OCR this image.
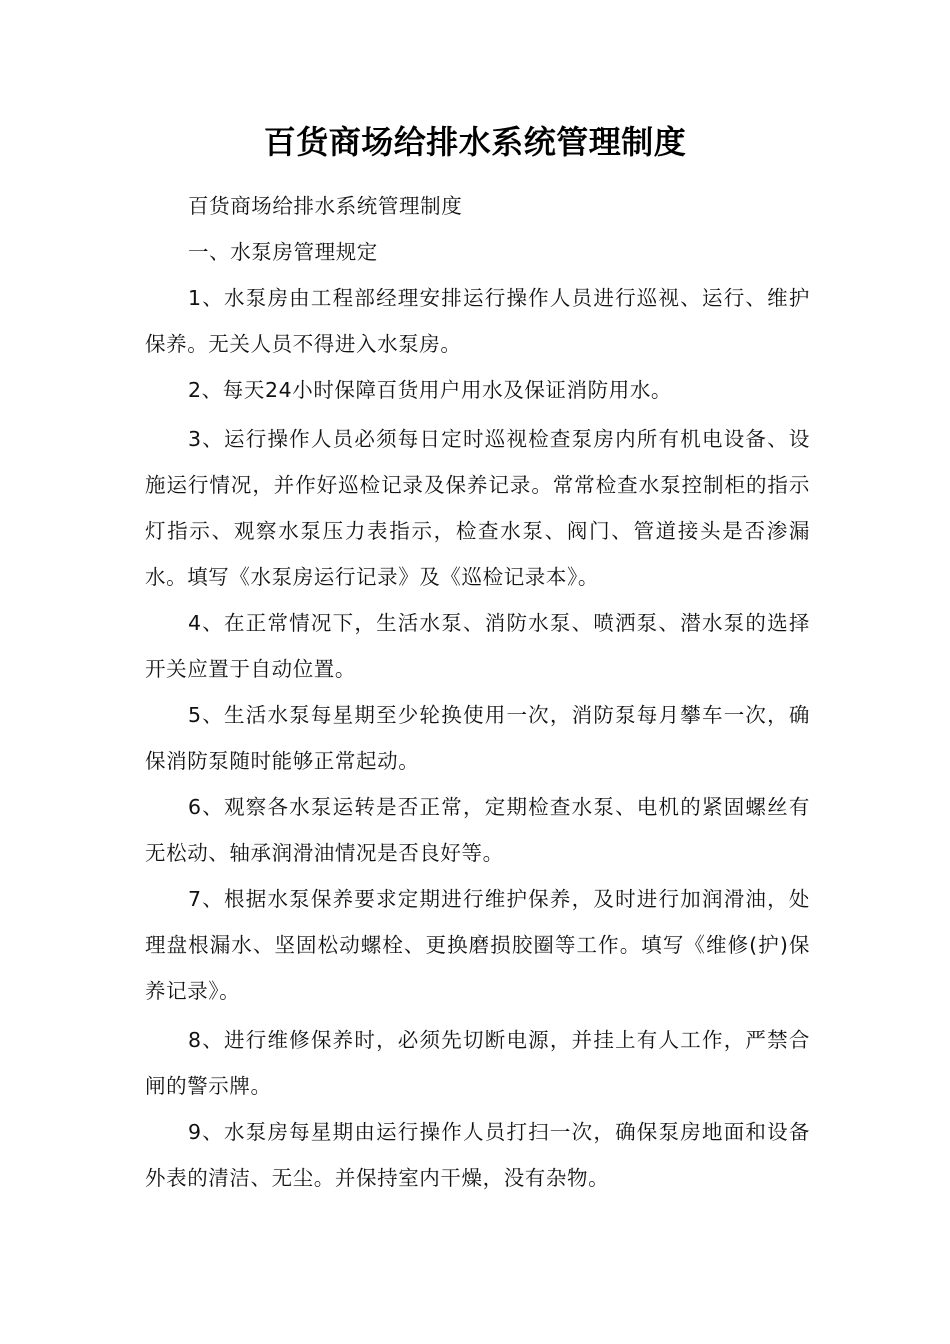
百货商场给排水系统管理制度

百货商场给排水系统管理制度

一、水泵房管理规定

1、水泵房由工程部经理安排运行操作人员进行巡视、运行、维护保养。无关人员不得进入水泵房。

2、每天24小时保障百货用户用水及保证消防用水。

3、运行操作人员必须每日定时巡视检查泵房内所有机电设备、设施运行情况，并作好巡检记录及保养记录。常常检查水泵控制柜的指示灯指示、观察水泵压力表指示，检查水泵、阀门、管道接头是否渗漏水。填写《水泵房运行记录》及《巡检记录本》。

4、在正常情况下，生活水泵、消防水泵、喷洒泵、潜水泵的选择开关应置于自动位置。

5、生活水泵每星期至少轮换使用一次，消防泵每月攀车一次，确保消防泵随时能够正常起动。

6、观察各水泵运转是否正常，定期检查水泵、电机的紧固螺丝有无松动、轴承润滑油情况是否良好等。

7、根据水泵保养要求定期进行维护保养，及时进行加润滑油，处理盘根漏水、坚固松动螺栓、更换磨损胶圈等工作。填写《维修(护)保养记录》。

8、进行维修保养时，必须先切断电源，并挂上有人工作，严禁合闸的警示牌。

9、水泵房每星期由运行操作人员打扫一次，确保泵房地面和设备外表的清洁、无尘。并保持室内干燥，没有杂物。
